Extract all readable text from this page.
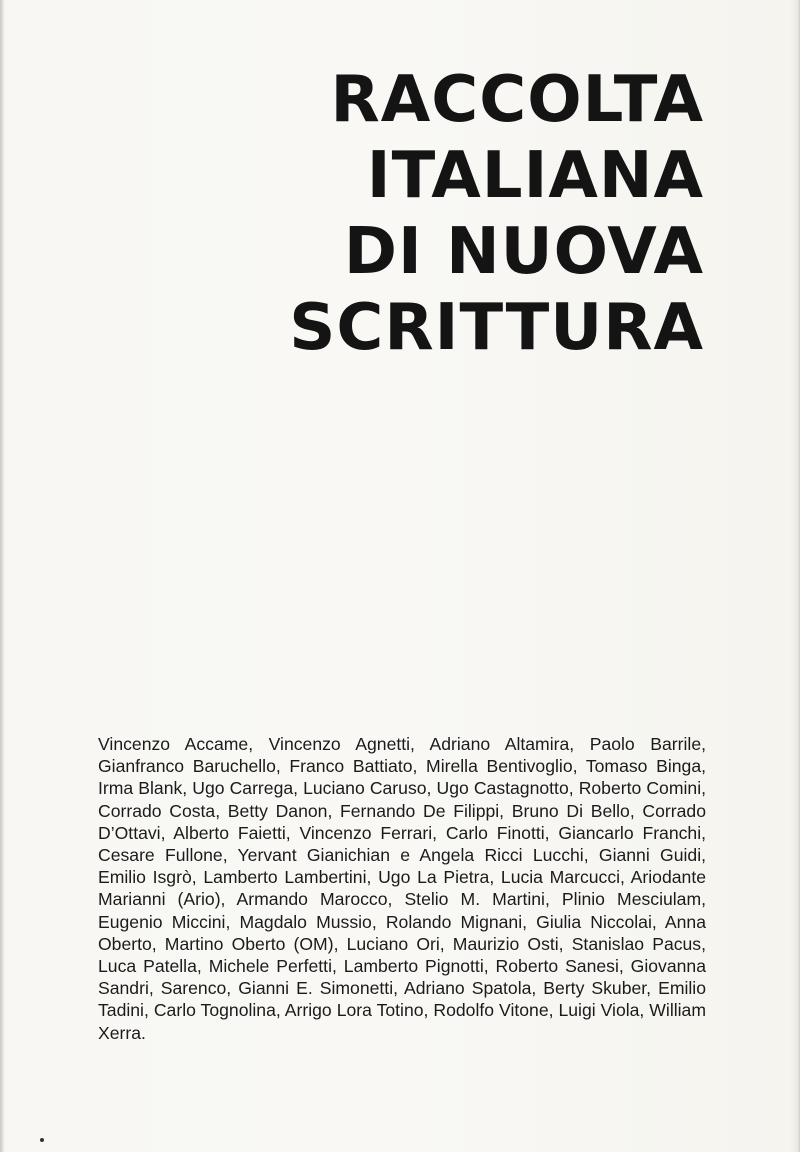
RACCOLTA
ITALIANA
DI NUOVA
SCRITTURA

Vincenzo Accame, Vincenzo Agnetti, Adriano Altamira, Paolo Barrile, Gianfranco Baruchello, Franco Battiato, Mirella Bentivoglio, Tomaso Binga, Irma Blank, Ugo Carrega, Luciano Caruso, Ugo Castagnotto, Roberto Comini, Corrado Costa, Betty Danon, Fernando De Filippi, Bruno Di Bello, Corrado D’Ottavi, Alberto Faietti, Vincenzo Ferrari, Carlo Finotti, Giancarlo Franchi, Cesare Fullone, Yervant Gianichian e Angela Ricci Lucchi, Gianni Guidi, Emilio Isgrò, Lamberto Lambertini, Ugo La Pietra, Lucia Marcucci, Ariodante Marianni (Ario), Armando Marocco, Stelio M. Martini, Plinio Mesciulam, Eugenio Miccini, Magdalo Mussio, Rolando Mignani, Giulia Niccolai, Anna Oberto, Martino Oberto (OM), Luciano Ori, Maurizio Osti, Stanislao Pacus, Luca Patella, Michele Perfetti, Lamberto Pignotti, Roberto Sanesi, Giovanna Sandri, Sarenco, Gianni E. Simonetti, Adriano Spatola, Berty Skuber, Emilio Tadini, Carlo Tognolina, Arrigo Lora Totino, Rodolfo Vitone, Luigi Viola, William Xerra.
